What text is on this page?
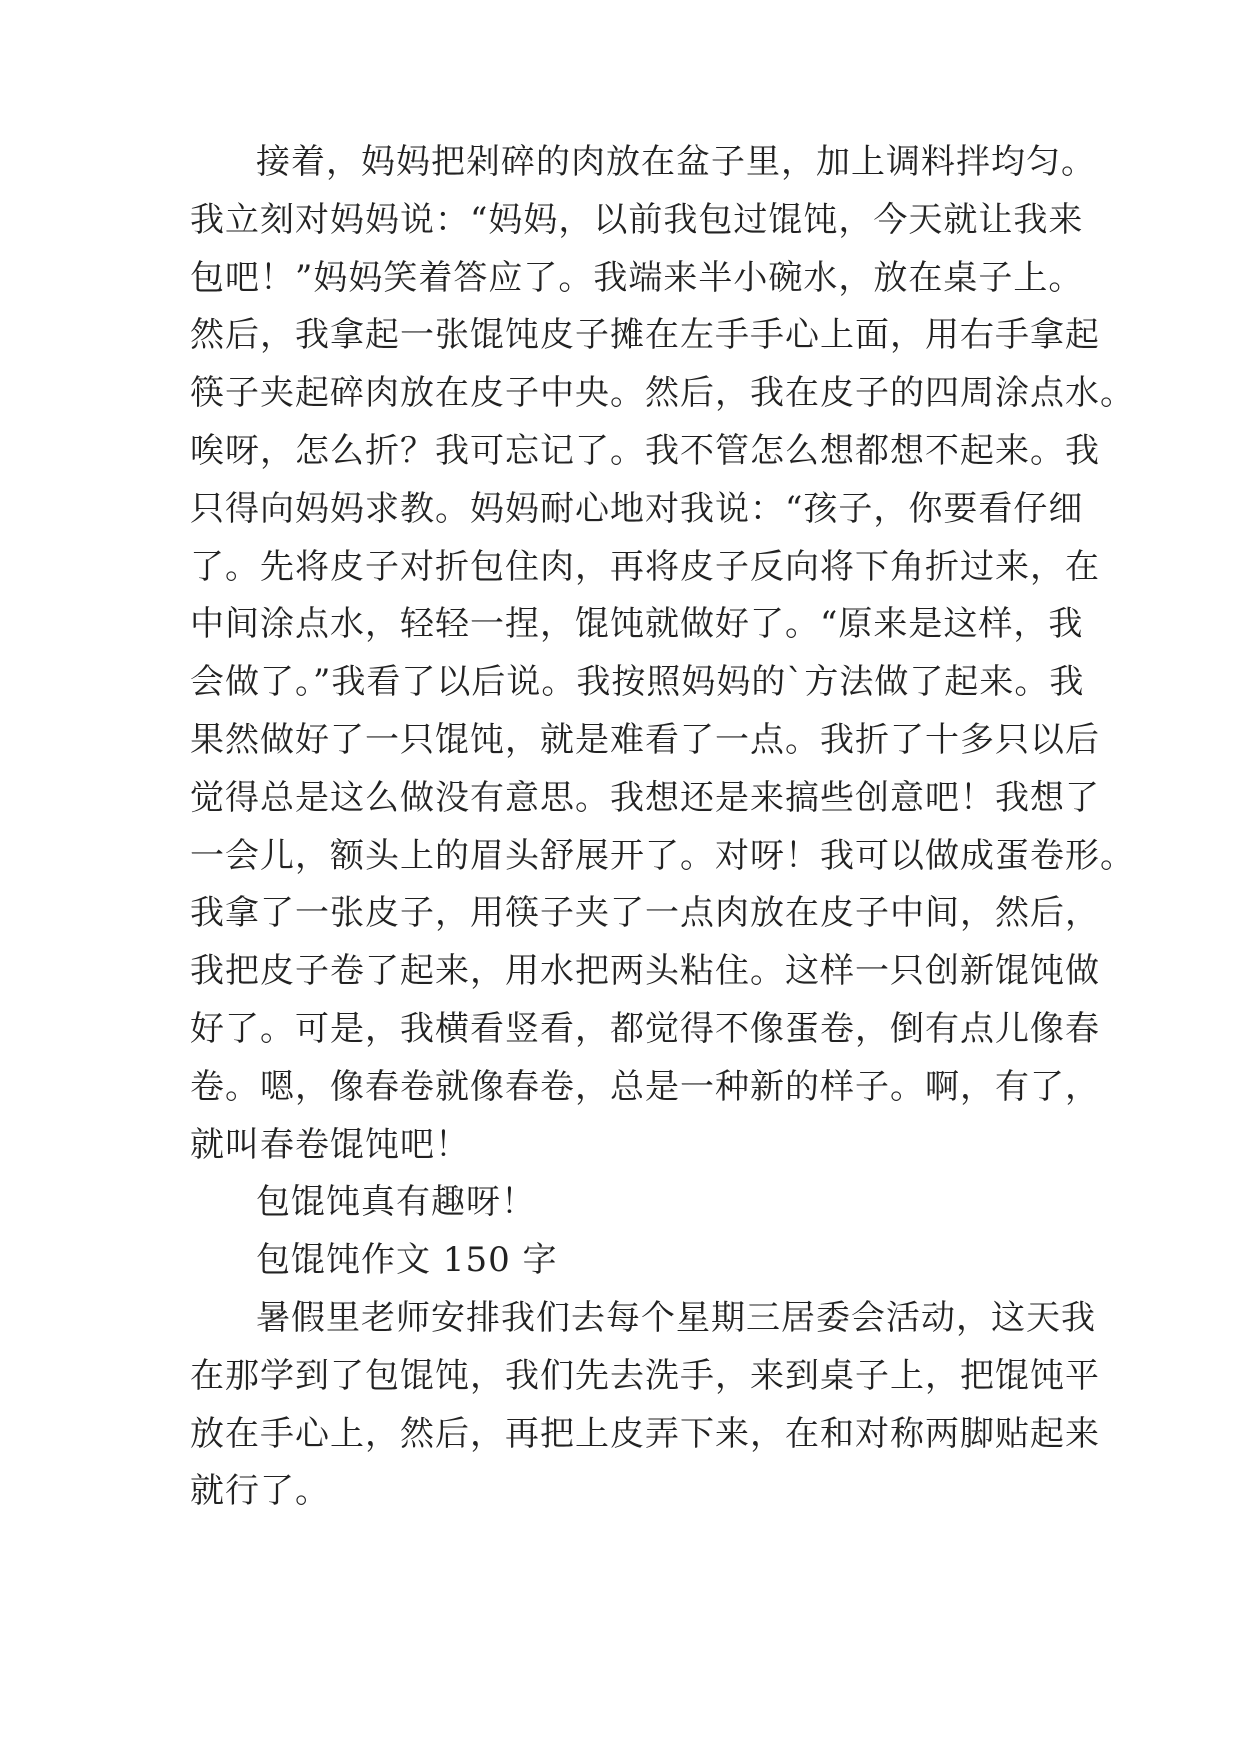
接着，妈妈把剁碎的肉放在盆子里，加上调料拌均匀。
我立刻对妈妈说：“妈妈，以前我包过馄饨，今天就让我来
包吧！”妈妈笑着答应了。我端来半小碗水，放在桌子上。
然后，我拿起一张馄饨皮子摊在左手手心上面，用右手拿起
筷子夹起碎肉放在皮子中央。然后，我在皮子的四周涂点水。
唉呀，怎么折？我可忘记了。我不管怎么想都想不起来。我
只得向妈妈求教。妈妈耐心地对我说：“孩子，你要看仔细
了。先将皮子对折包住肉，再将皮子反向将下角折过来，在
中间涂点水，轻轻一捏，馄饨就做好了。“原来是这样，我
会做了。”我看了以后说。我按照妈妈的`方法做了起来。我
果然做好了一只馄饨，就是难看了一点。我折了十多只以后
觉得总是这么做没有意思。我想还是来搞些创意吧！我想了
一会儿，额头上的眉头舒展开了。对呀！我可以做成蛋卷形。
我拿了一张皮子，用筷子夹了一点肉放在皮子中间，然后，
我把皮子卷了起来，用水把两头粘住。这样一只创新馄饨做
好了。可是，我横看竖看，都觉得不像蛋卷，倒有点儿像春
卷。嗯，像春卷就像春卷，总是一种新的样子。啊，有了，
就叫春卷馄饨吧！
包馄饨真有趣呀！
包馄饨作文 150 字
暑假里老师安排我们去每个星期三居委会活动，这天我
在那学到了包馄饨，我们先去洗手，来到桌子上，把馄饨平
放在手心上，然后，再把上皮弄下来，在和对称两脚贴起来
就行了。
